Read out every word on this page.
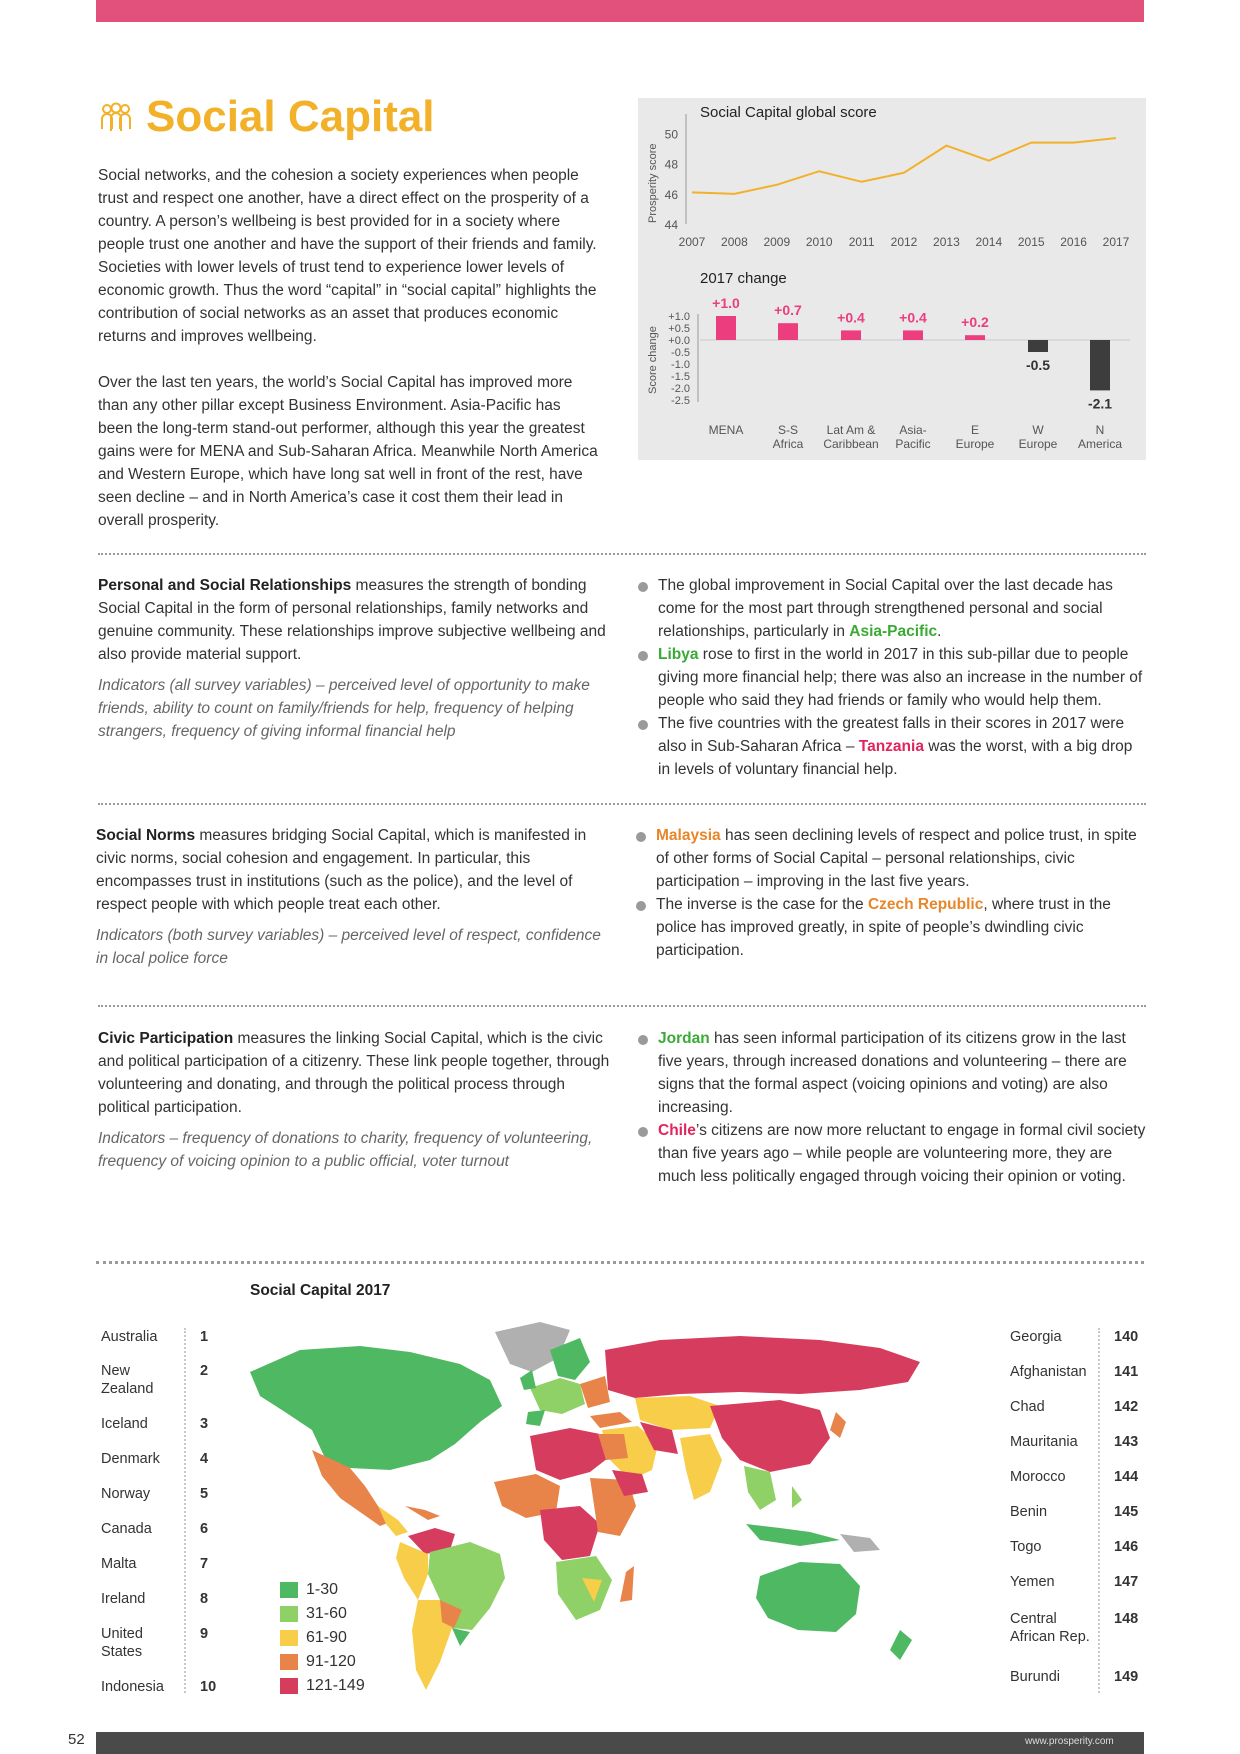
Social Capital

Social networks, and the cohesion a society experiences when people trust and respect one another, have a direct effect on the prosperity of a country. A person’s wellbeing is best provided for in a society where people trust one another and have the support of their friends and family. Societies with lower levels of trust tend to experience lower levels of economic growth. Thus the word “capital” in “social capital” highlights the contribution of social networks as an asset that produces economic returns and improves wellbeing.

Over the last ten years, the world’s Social Capital has improved more than any other pillar except Business Environment. Asia-Pacific has been the long-term stand-out performer, although this year the greatest gains were for MENA and Sub-Saharan Africa. Meanwhile North America and Western Europe, which have long sat well in front of the rest, have seen decline – and in North America’s case it cost them their lead in overall prosperity.

Social Capital global score
Prosperity score
50
48
46
44
2007 2008 2009 2010 2011 2012 2013 2014 2015 2016 2017
2017 change
Score change
+1.0
+0.5
+0.0
-0.5
-1.0
-1.5
-2.0
-2.5
+1.0
MENA
+0.7
S-S
Africa
+0.4
Lat Am &
Caribbean
+0.4
Asia-
Pacific
+0.2
E
Europe
-0.5
W
Europe
-2.1
N
America
Personal and Social Relationships measures the strength of bonding Social Capital in the form of personal relationships, family networks and genuine community. These relationships improve subjective wellbeing and also provide material support.
Indicators (all survey variables) – perceived level of opportunity to make friends, ability to count on family/friends for help, frequency of helping strangers, frequency of giving informal financial help
The global improvement in Social Capital over the last decade has come for the most part through strengthened personal and social relationships, particularly in Asia-Pacific.
Libya rose to first in the world in 2017 in this sub-pillar due to people giving more financial help; there was also an increase in the number of people who said they had friends or family who would help them.
The five countries with the greatest falls in their scores in 2017 were also in Sub-Saharan Africa – Tanzania was the worst, with a big drop in levels of voluntary financial help.
Social Norms measures bridging Social Capital, which is manifested in civic norms, social cohesion and engagement. In particular, this encompasses trust in institutions (such as the police), and the level of respect people with which people treat each other.
Indicators (both survey variables) – perceived level of respect, confidence in local police force
Malaysia has seen declining levels of respect and police trust, in spite of other forms of Social Capital – personal relationships, civic participation – improving in the last five years.
The inverse is the case for the Czech Republic, where trust in the police has improved greatly, in spite of people’s dwindling civic participation.
Civic Participation measures the linking Social Capital, which is the civic and political participation of a citizenry. These link people together, through volunteering and donating, and through the political process through political participation.
Indicators – frequency of donations to charity, frequency of volunteering, frequency of voicing opinion to a public official, voter turnout
Jordan has seen informal participation of its citizens grow in the last five years, through increased donations and volunteering – there are signs that the formal aspect (voicing opinions and voting) are also increasing.
Chile’s citizens are now more reluctant to engage in formal civil society than five years ago – while people are volunteering more, they are much less politically engaged through voicing their opinion or voting.
Social Capital 2017
Australia	1
New Zealand
2
Iceland	3
Denmark	4
Norway	5
Canada	6
Malta	7
Ireland	8
United States
9
Indonesia	10
Georgia	140
Afghanistan	141
Chad	142
Mauritania	143
Morocco	144
Benin	145
Togo	146
Yemen	147
Central African Rep.
148
Burundi	149
1-30
31-60
61-90
91-120
121-149
52	www.prosperity.com
